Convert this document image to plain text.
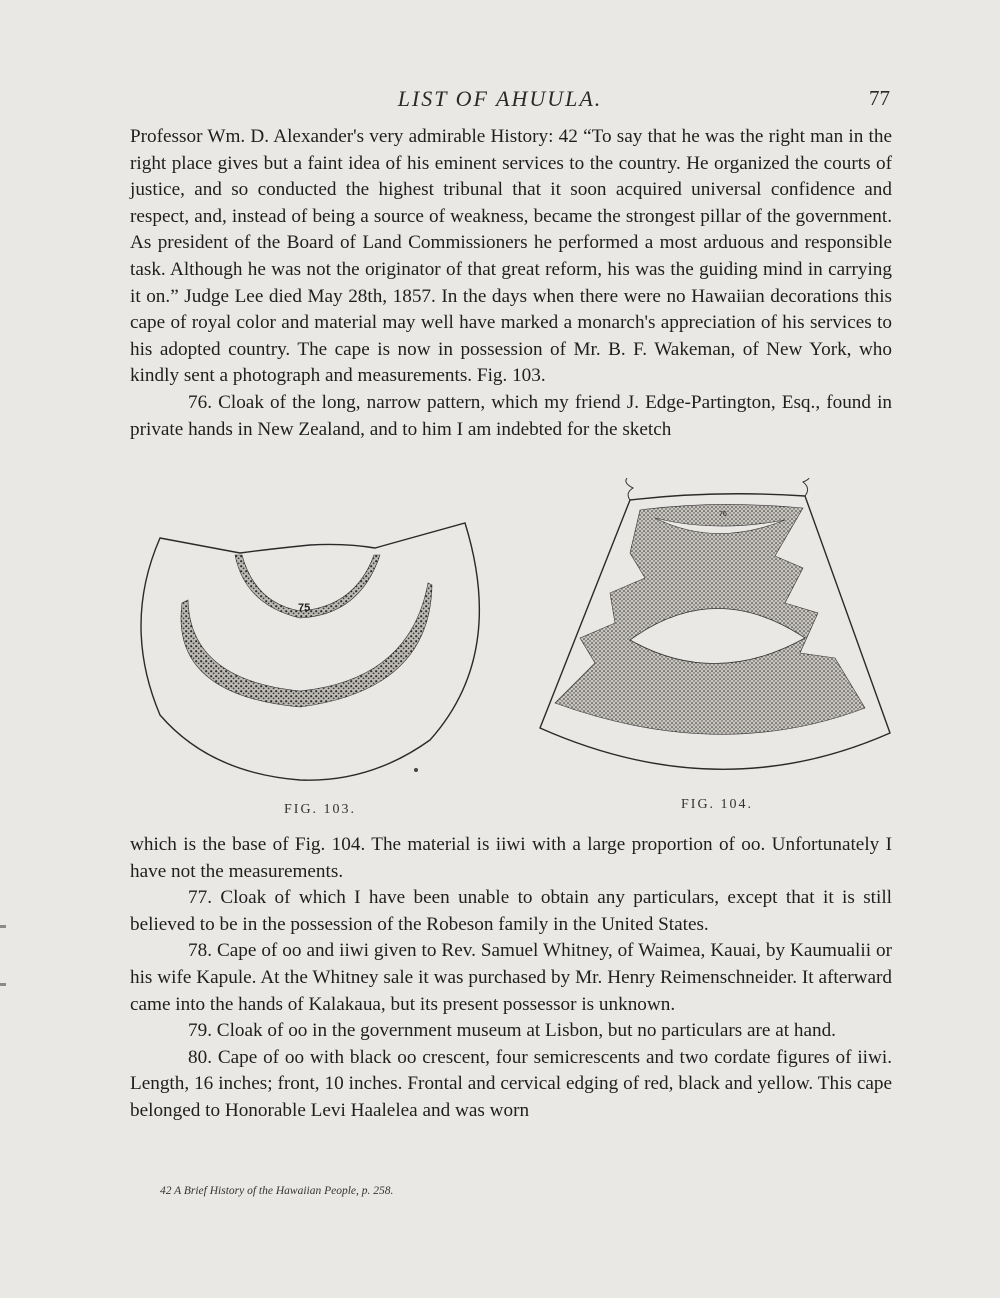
LIST OF AHUULA.	77

Professor Wm. D. Alexander's very admirable History: 42 “To say that he was the right man in the right place gives but a faint idea of his eminent services to the country. He organized the courts of justice, and so conducted the highest tribunal that it soon acquired universal confidence and respect, and, instead of being a source of weakness, became the strongest pillar of the government. As president of the Board of Land Commissioners he performed a most arduous and responsible task. Although he was not the originator of that great reform, his was the guiding mind in carrying it on.” Judge Lee died May 28th, 1857. In the days when there were no Hawaiian decorations this cape of royal color and material may well have marked a monarch's appreciation of his services to his adopted country. The cape is now in possession of Mr. B. F. Wakeman, of New York, who kindly sent a photograph and measurements. Fig. 103.

76. Cloak of the long, narrow pattern, which my friend J. Edge-Partington, Esq., found in private hands in New Zealand, and to him I am indebted for the sketch

75
76
FIG. 103.	FIG. 104.

which is the base of Fig. 104. The material is iiwi with a large proportion of oo. Unfortunately I have not the measurements.

77. Cloak of which I have been unable to obtain any particulars, except that it is still believed to be in the possession of the Robeson family in the United States.

78. Cape of oo and iiwi given to Rev. Samuel Whitney, of Waimea, Kauai, by Kaumualii or his wife Kapule. At the Whitney sale it was purchased by Mr. Henry Reimenschneider. It afterward came into the hands of Kalakaua, but its present possessor is unknown.

79. Cloak of oo in the government museum at Lisbon, but no particulars are at hand.

80. Cape of oo with black oo crescent, four semicrescents and two cordate figures of iiwi. Length, 16 inches; front, 10 inches. Frontal and cervical edging of red, black and yellow. This cape belonged to Honorable Levi Haalelea and was worn

42 A Brief History of the Hawaiian People, p. 258.
